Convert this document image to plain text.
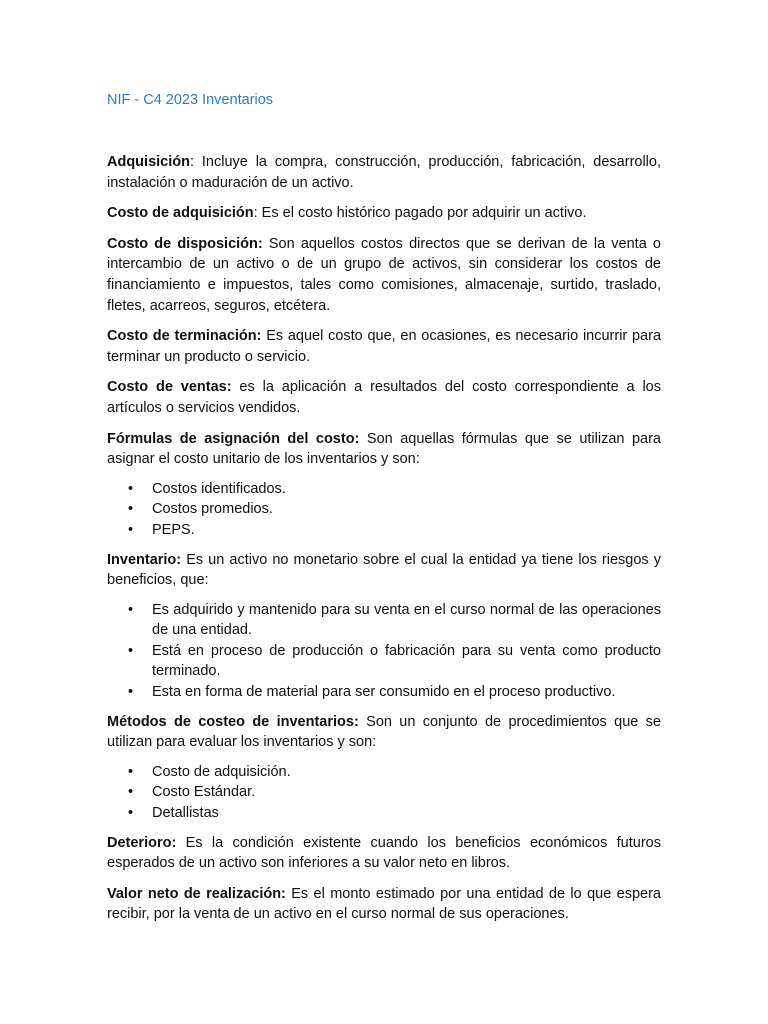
NIF - C4 2023 Inventarios

Adquisición: Incluye la compra, construcción, producción, fabricación, desarrollo, instalación o maduración de un activo.

Costo de adquisición: Es el costo histórico pagado por adquirir un activo.

Costo de disposición: Son aquellos costos directos que se derivan de la venta o intercambio de un activo o de un grupo de activos, sin considerar los costos de financiamiento e impuestos, tales como comisiones, almacenaje, surtido, traslado, fletes, acarreos, seguros, etcétera.

Costo de terminación: Es aquel costo que, en ocasiones, es necesario incurrir para terminar un producto o servicio.

Costo de ventas: es la aplicación a resultados del costo correspondiente a los artículos o servicios vendidos.

Fórmulas de asignación del costo: Son aquellas fórmulas que se utilizan para asignar el costo unitario de los inventarios y son:

• Costos identificados.
• Costos promedios.
• PEPS.

Inventario: Es un activo no monetario sobre el cual la entidad ya tiene los riesgos y beneficios, que:

• Es adquirido y mantenido para su venta en el curso normal de las operaciones de una entidad.
• Está en proceso de producción o fabricación para su venta como producto terminado.
• Esta en forma de material para ser consumido en el proceso productivo.

Métodos de costeo de inventarios: Son un conjunto de procedimientos que se utilizan para evaluar los inventarios y son:

• Costo de adquisición.
• Costo Estándar.
• Detallistas

Deterioro: Es la condición existente cuando los beneficios económicos futuros esperados de un activo son inferiores a su valor neto en libros.

Valor neto de realización: Es el monto estimado por una entidad de lo que espera recibir, por la venta de un activo en el curso normal de sus operaciones.
